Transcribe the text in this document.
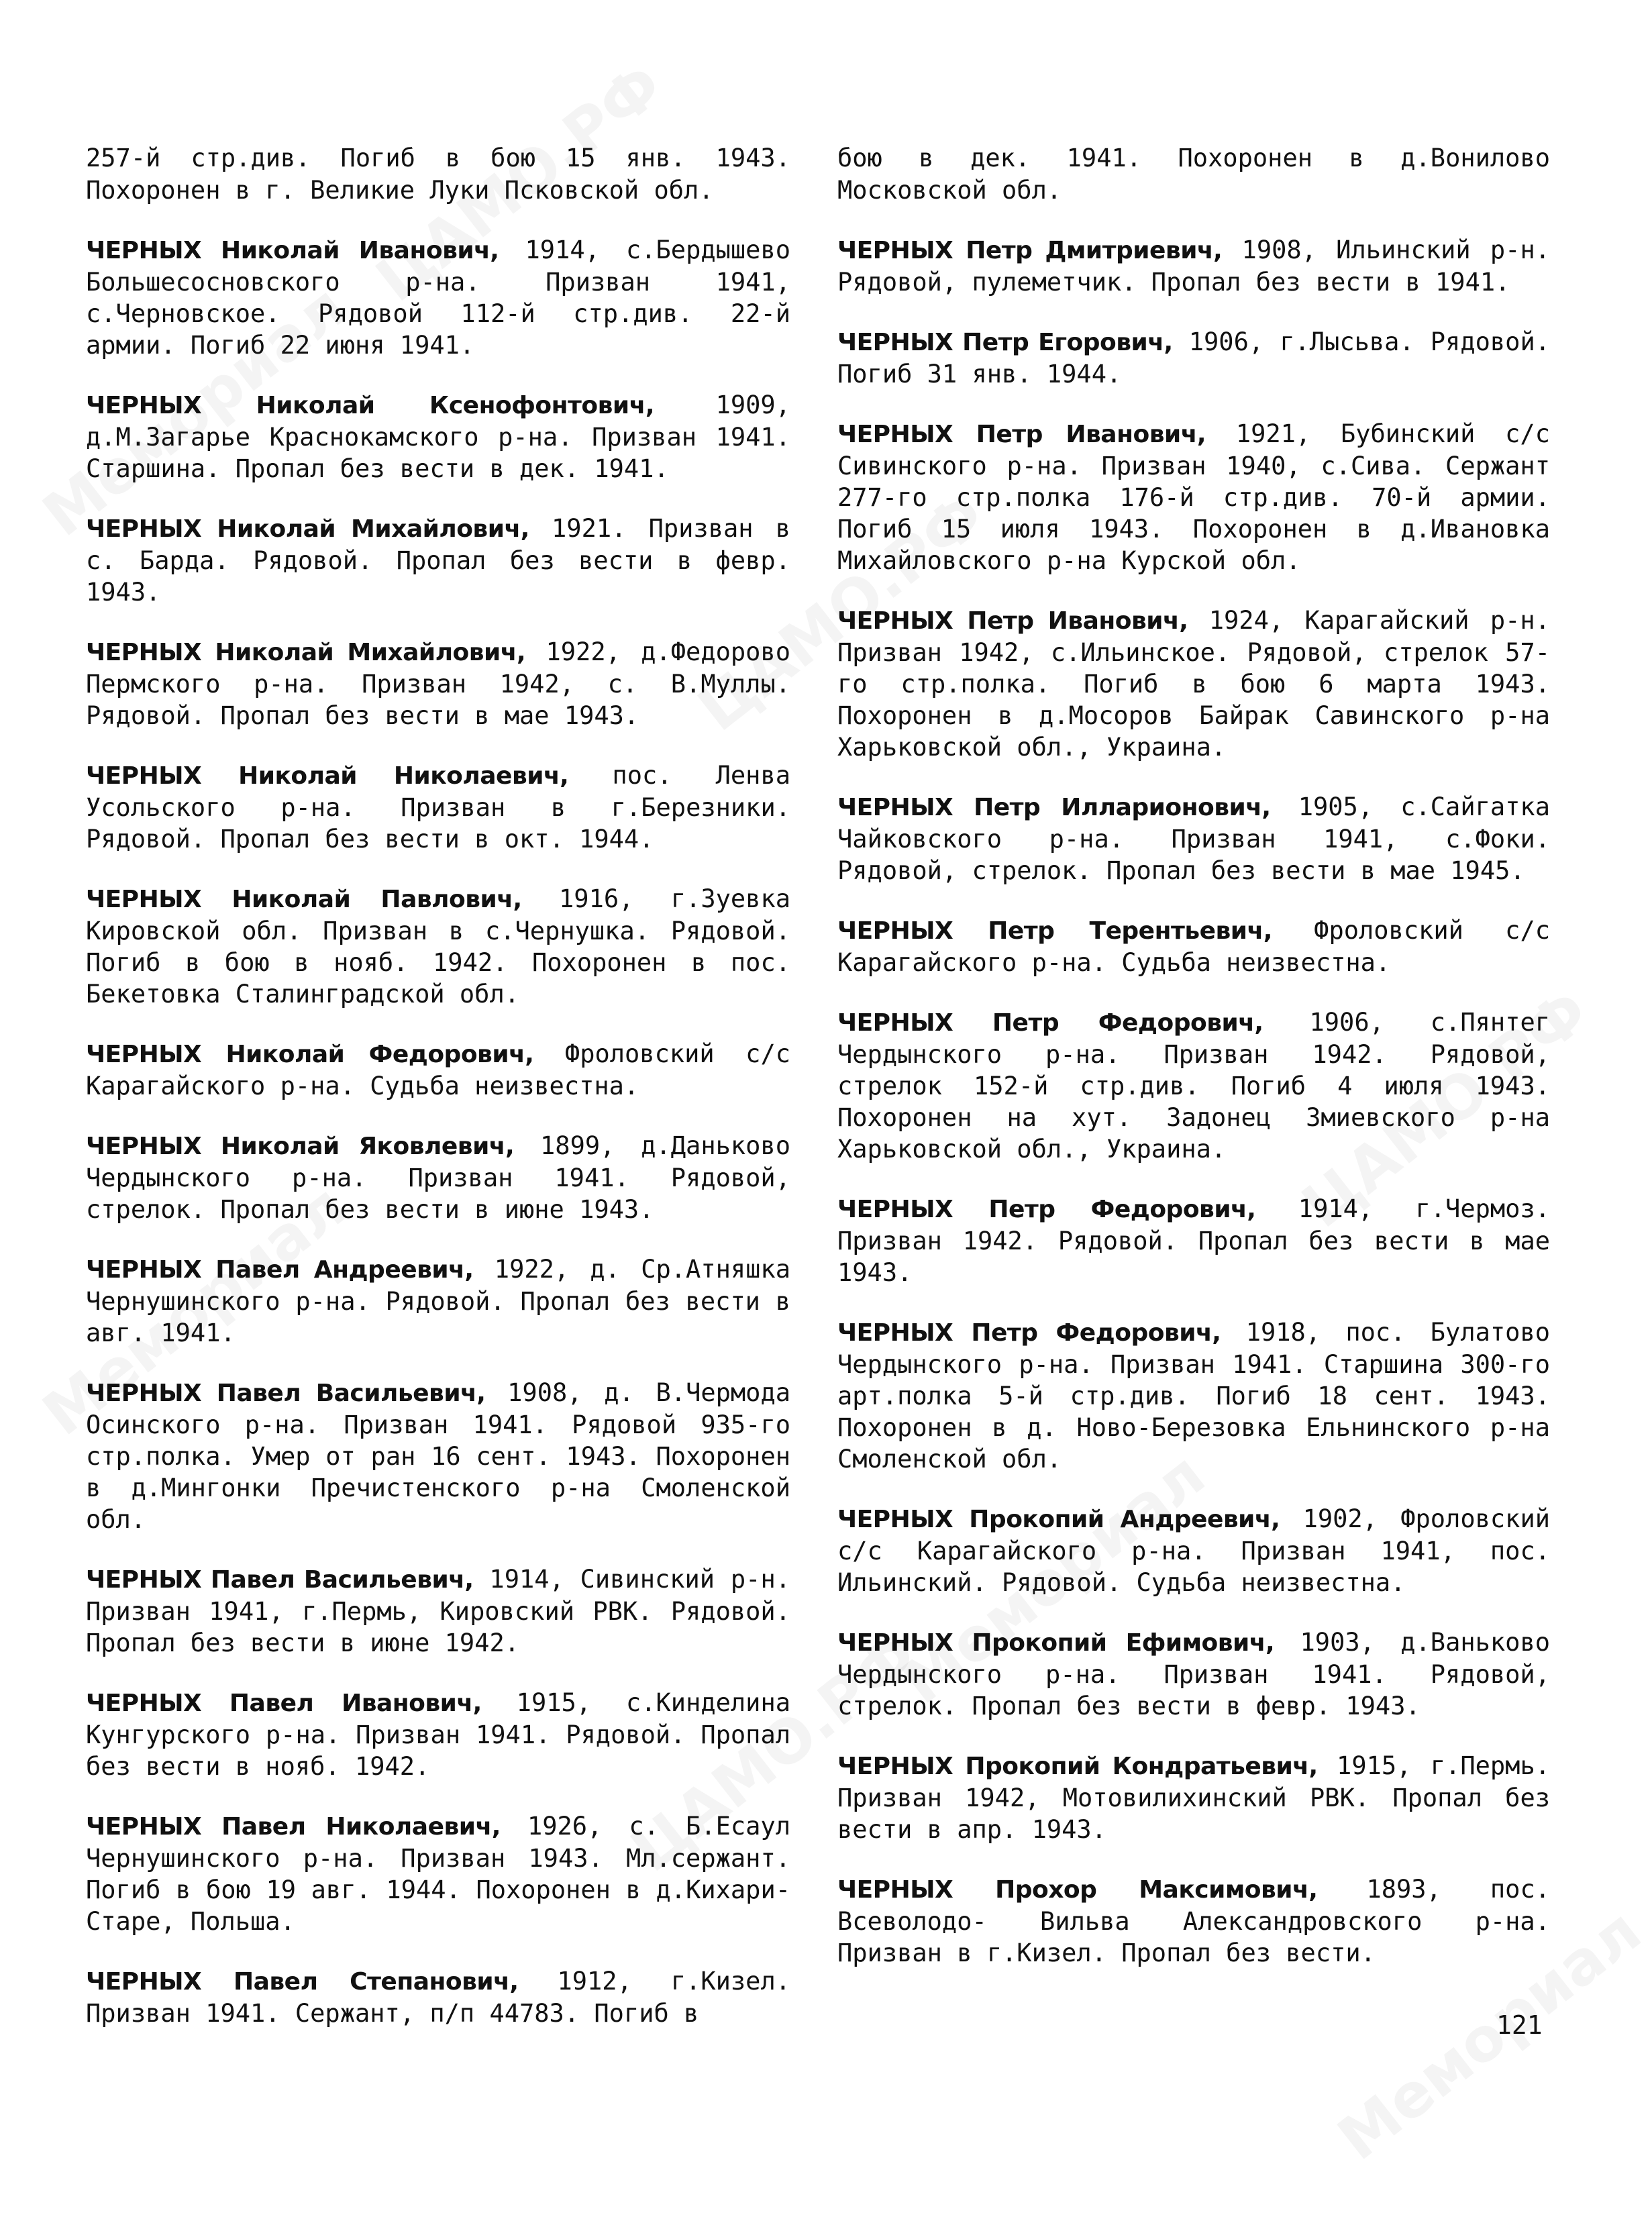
257-й стр.див. Погиб в бою 15 янв. 1943. Похоронен в г. Великие Луки Псковской обл.

ЧЕРНЫХ Николай Иванович, 1914, с.Бердышево Большесосновского р-на. Призван 1941, с.Черновское. Рядовой 112-й стр.див. 22-й армии. Погиб 22 июня 1941.

ЧЕРНЫХ Николай Ксенофонтович, 1909, д.М.Загарье Краснокамского р-на. Призван 1941. Старшина. Пропал без вести в дек. 1941.

ЧЕРНЫХ Николай Михайлович, 1921. Призван в с. Барда. Рядовой. Пропал без вести в февр. 1943.

ЧЕРНЫХ Николай Михайлович, 1922, д.Федорово Пермского р-на. Призван 1942, с. В.Муллы. Рядовой. Пропал без вести в мае 1943.

ЧЕРНЫХ Николай Николаевич, пос. Ленва Усольского р-на. Призван в г.Березники. Рядовой. Пропал без вести в окт. 1944.

ЧЕРНЫХ Николай Павлович, 1916, г.Зуевка Кировской обл. Призван в с.Чернушка. Рядовой. Погиб в бою в нояб. 1942. Похоронен в пос. Бекетовка Сталинградской обл.

ЧЕРНЫХ Николай Федорович, Фроловский с/с Карагайского р-на. Судьба неизвестна.

ЧЕРНЫХ Николай Яковлевич, 1899, д.Даньково Чердынского р-на. Призван 1941. Рядовой, стрелок. Пропал без вести в июне 1943.

ЧЕРНЫХ Павел Андреевич, 1922, д. Ср.Атняшка Чернушинского р-на. Рядовой. Пропал без вести в авг. 1941.

ЧЕРНЫХ Павел Васильевич, 1908, д. В.Чермода Осинского р-на. Призван 1941. Рядовой 935-го стр.полка. Умер от ран 16 сент. 1943. Похоронен в д.Мингонки Пречистенского р-на Смоленской обл.

ЧЕРНЫХ Павел Васильевич, 1914, Сивинский р-н. Призван 1941, г.Пермь, Кировский РВК. Рядовой. Пропал без вести в июне 1942.

ЧЕРНЫХ Павел Иванович, 1915, с.Кинделина Кунгурского р-на. Призван 1941. Рядовой. Пропал без вести в нояб. 1942.

ЧЕРНЫХ Павел Николаевич, 1926, с. Б.Есаул Чернушинского р-на. Призван 1943. Мл.сержант. Погиб в бою 19 авг. 1944. Похоронен в д.Кихари-Старе, Польша.

ЧЕРНЫХ Павел Степанович, 1912, г.Кизел. Призван 1941. Сержант, п/п 44783. Погиб в

бою в дек. 1941. Похоронен в д.Вонилово Московской обл.

ЧЕРНЫХ Петр Дмитриевич, 1908, Ильинский р-н. Рядовой, пулеметчик. Пропал без вести в 1941.

ЧЕРНЫХ Петр Егорович, 1906, г.Лысьва. Рядовой. Погиб 31 янв. 1944.

ЧЕРНЫХ Петр Иванович, 1921, Бубинский с/с Сивинского р-на. Призван 1940, с.Сива. Сержант 277-го стр.полка 176-й стр.див. 70-й армии. Погиб 15 июля 1943. Похоронен в д.Ивановка Михайловского р-на Курской обл.

ЧЕРНЫХ Петр Иванович, 1924, Карагайский р-н. Призван 1942, с.Ильинское. Рядовой, стрелок 57-го стр.полка. Погиб в бою 6 марта 1943. Похоронен в д.Мосоров Байрак Савинского р-на Харьковской обл., Украина.

ЧЕРНЫХ Петр Илларионович, 1905, с.Сайгатка Чайковского р-на. Призван 1941, с.Фоки. Рядовой, стрелок. Пропал без вести в мае 1945.

ЧЕРНЫХ Петр Терентьевич, Фроловский с/с Карагайского р-на. Судьба неизвестна.

ЧЕРНЫХ Петр Федорович, 1906, с.Пянтег Чердынского р-на. Призван 1942. Рядовой, стрелок 152-й стр.див. Погиб 4 июля 1943. Похоронен на хут. Задонец Змиевского р-на Харьковской обл., Украина.

ЧЕРНЫХ Петр Федорович, 1914, г.Чермоз. Призван 1942. Рядовой. Пропал без вести в мае 1943.

ЧЕРНЫХ Петр Федорович, 1918, пос. Булатово Чердынского р-на. Призван 1941. Старшина 300-го арт.полка 5-й стр.див. Погиб 18 сент. 1943. Похоронен в д. Ново-Березовка Ельнинского р-на Смоленской обл.

ЧЕРНЫХ Прокопий Андреевич, 1902, Фроловский с/с Карагайского р-на. Призван 1941, пос. Ильинский. Рядовой. Судьба неизвестна.

ЧЕРНЫХ Прокопий Ефимович, 1903, д.Ваньково Чердынского р-на. Призван 1941. Рядовой, стрелок. Пропал без вести в февр. 1943.

ЧЕРНЫХ Прокопий Кондратьевич, 1915, г.Пермь. Призван 1942, Мотовилихинский РВК. Пропал без вести в апр. 1943.

ЧЕРНЫХ Прохор Максимович, 1893, пос. Всеволодо- Вильва Александровского р-на. Призван в г.Кизел. Пропал без вести.

121
